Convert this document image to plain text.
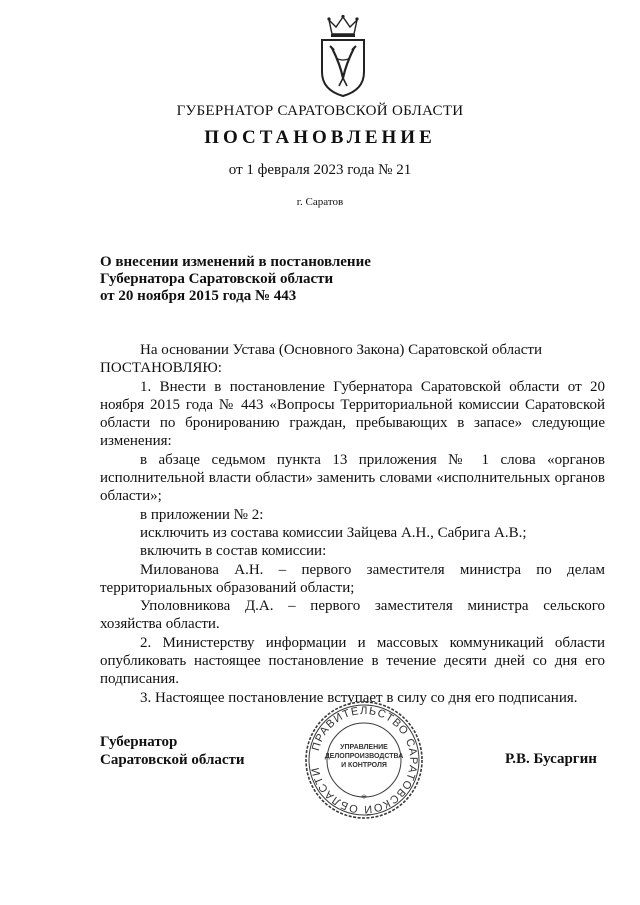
ГУБЕРНАТОР САРАТОВСКОЙ ОБЛАСТИ
ПОСТАНОВЛЕНИЕ
от 1 февраля 2023 года № 21
г. Саратов
О внесении изменений в постановление
Губернатора Саратовской области
от 20 ноября 2015 года № 443

На основании Устава (Основного Закона) Саратовской области

ПОСТАНОВЛЯЮ:

1. Внести в постановление Губернатора Саратовской области от 20 ноября 2015 года № 443 «Вопросы Территориальной комиссии Саратовской области по бронированию граждан, пребывающих в запасе» следующие изменения:

в абзаце седьмом пункта 13 приложения № 1 слова «органов исполнительной власти области» заменить словами «исполнительных органов области»;

в приложении № 2:

исключить из состава комиссии Зайцева А.Н., Сабрига А.В.;

включить в состав комиссии:

Милованова А.Н. – первого заместителя министра по делам территориальных образований области;

Уполовникова Д.А. – первого заместителя министра сельского хозяйства области.

2. Министерству информации и массовых коммуникаций области опубликовать настоящее постановление в течение десяти дней со дня его подписания.

3. Настоящее постановление вступает в силу со дня его подписания.

Губернатор
Саратовской области
ПРАВИТЕЛЬСТВО САРАТОВСКОЙ ОБЛАСТИ
УПРАВЛЕНИЕ
ДЕЛОПРОИЗВОДСТВА
И КОНТРОЛЯ
*
Р.В. Бусаргин
